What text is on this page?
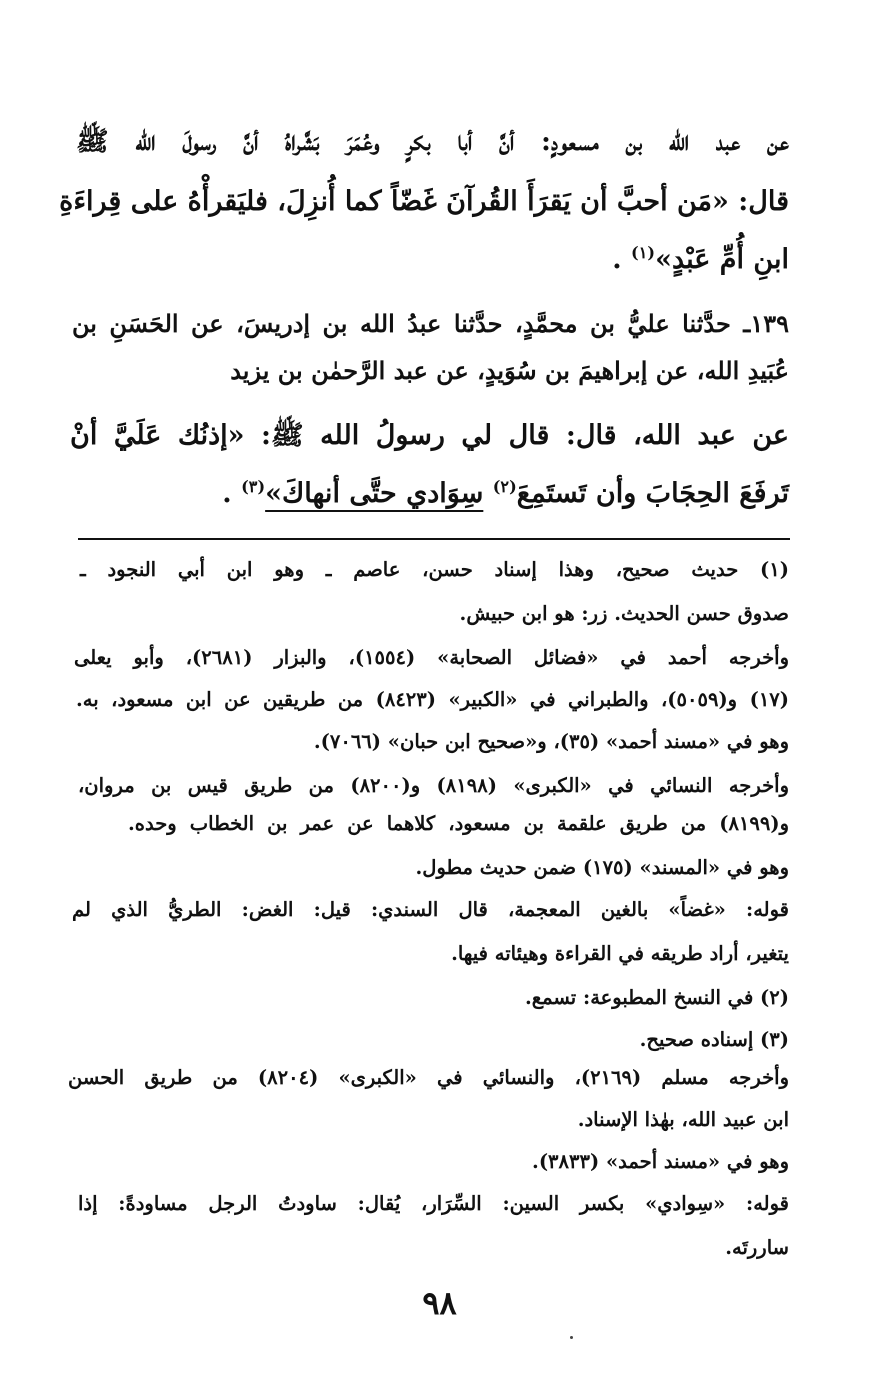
عن عبد الله بن مسعودٍ: أنَّ أبا بكرٍ وعُمَرَ بَشَّراهُ أنَّ رسولَ الله ﷺ
قال: «مَن أحبَّ أن يَقرَأَ القُرآنَ غَضّاً كما أُنزِلَ، فليَقرأْهُ على قِراءَةِ
ابنِ أُمِّ عَبْدٍ»$^{(١)}$ .
١٣٩ـ حدَّثنا عليُّ بن محمَّدٍ، حدَّثنا عبدُ الله بن إدريسَ، عن الحَسَنِ بن
عُبَيدِ الله، عن إبراهيمَ بن سُوَيدٍ، عن عبد الرَّحمٰن بن يزيد
عن عبد الله، قال: قال لي رسولُ الله ﷺ: «إذنُك عَلَيَّ أنْ
تَرفَعَ الحِجَابَ وأن تَستَمِعَ$^{(٢)}$ سِوَادي حتَّى أنهاكَ»$^{(٣)}$ .
(١) حديث صحيح، وهذا إسناد حسن، عاصم ـ وهو ابن أبي النجود ـ
صدوق حسن الحديث. زر: هو ابن حبيش.
وأخرجه أحمد في «فضائل الصحابة» (١٥٥٤)، والبزار (٢٦٨١)، وأبو يعلى
(١٧) و(٥٠٥٩)، والطبراني في «الكبير» (٨٤٢٣) من طريقين عن ابن مسعود، به.
وهو في «مسند أحمد» (٣٥)، و«صحيح ابن حبان» (٧٠٦٦).
وأخرجه النسائي في «الكبرى» (٨١٩٨) و(٨٢٠٠) من طريق قيس بن مروان،
و(٨١٩٩) من طريق علقمة بن مسعود، كلاهما عن عمر بن الخطاب وحده.
وهو في «المسند» (١٧٥) ضمن حديث مطول.
قوله: «غضاً» بالغين المعجمة، قال السندي: قيل: الغض: الطريُّ الذي لم
يتغير، أراد طريقه في القراءة وهيئاته فيها.
(٢) في النسخ المطبوعة: تسمع.
(٣) إسناده صحيح.
وأخرجه مسلم (٢١٦٩)، والنسائي في «الكبرى» (٨٢٠٤) من طريق الحسن
ابن عبيد الله، بهٰذا الإسناد.
وهو في «مسند أحمد» (٣٨٣٣).
قوله: «سِوادي» بكسر السين: السِّرَار، يُقال: ساودتُ الرجل مساودةً: إذا
ساررتَه.
٩٨
